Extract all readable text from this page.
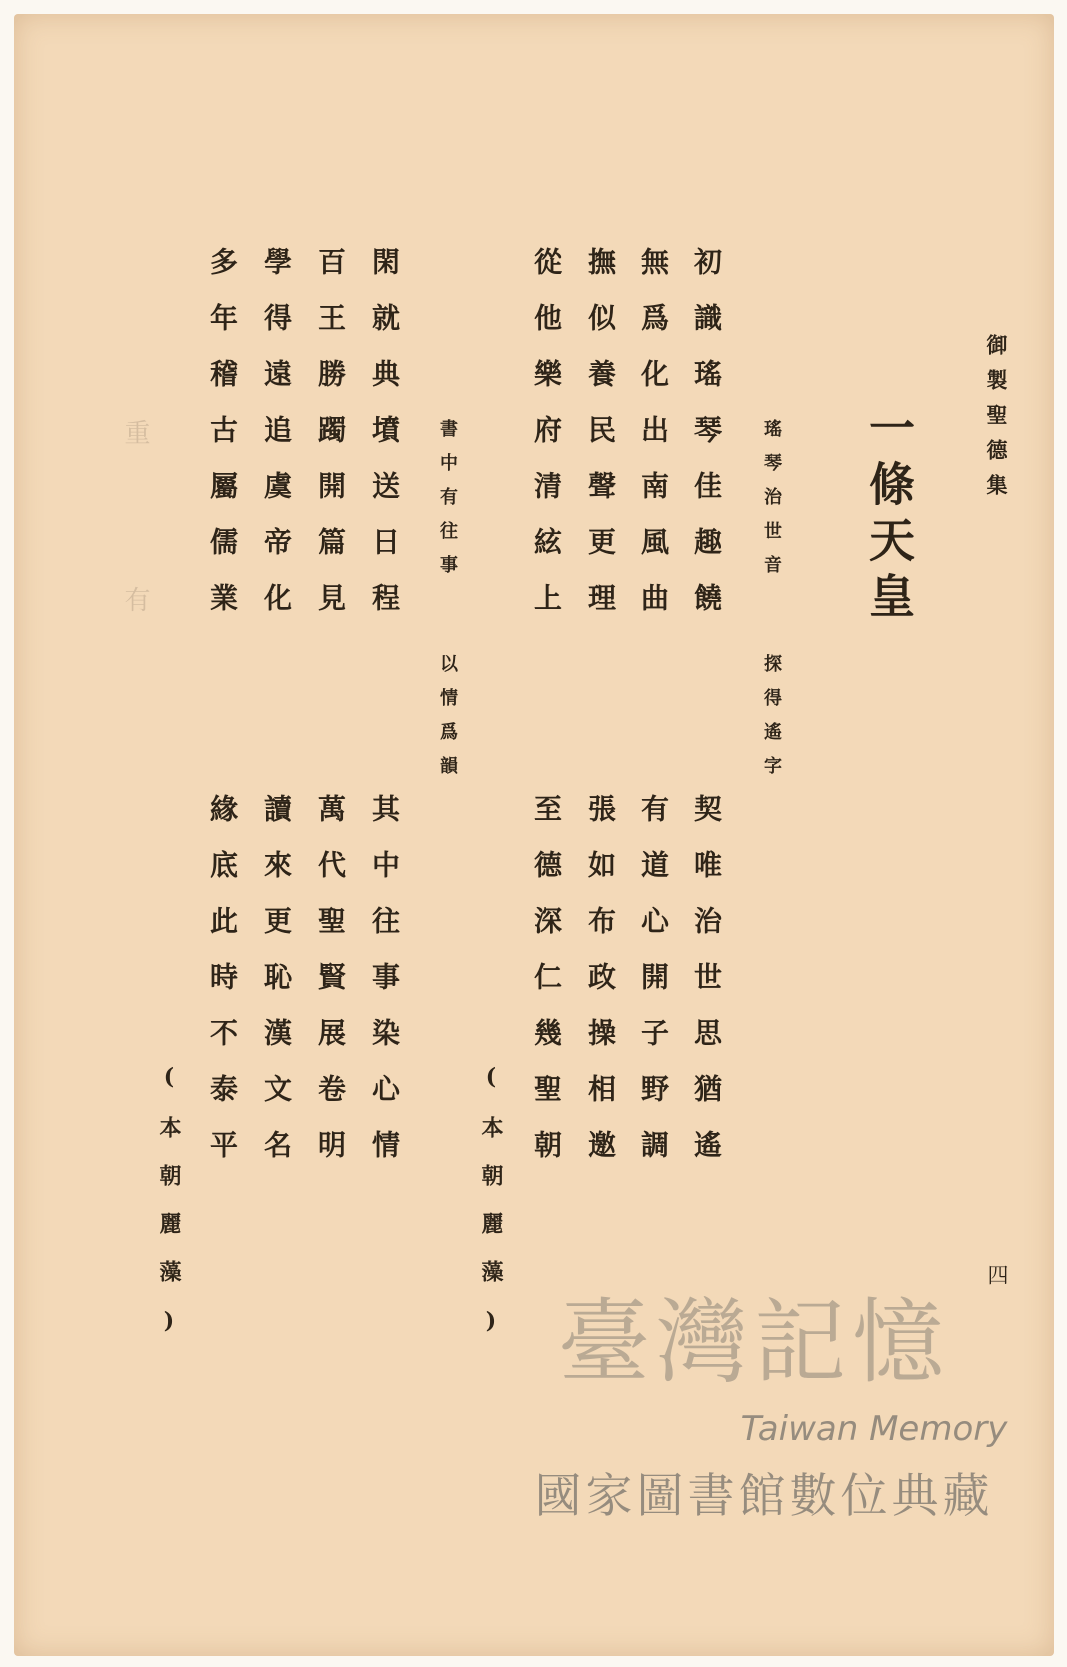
重
有
御製聖德集
四
一條天皇
瑤琴治世音
探得遙字
初識瑤琴佳趣饒
無爲化出南風曲
撫似養民聲更理
從他樂府清絃上
契唯治世思猶遙
有道心開子野調
張如布政操相邀
至德深仁幾聖朝
(本朝麗藻)
書中有往事
以情爲韻
閑就典墳送日程
百王勝躅開篇見
學得遠追虞帝化
多年稽古屬儒業
其中往事染心情
萬代聖賢展卷明
讀來更恥漢文名
緣底此時不泰平
(本朝麗藻)	臺灣記憶
Taiwan Memory
國家圖書館數位典藏
